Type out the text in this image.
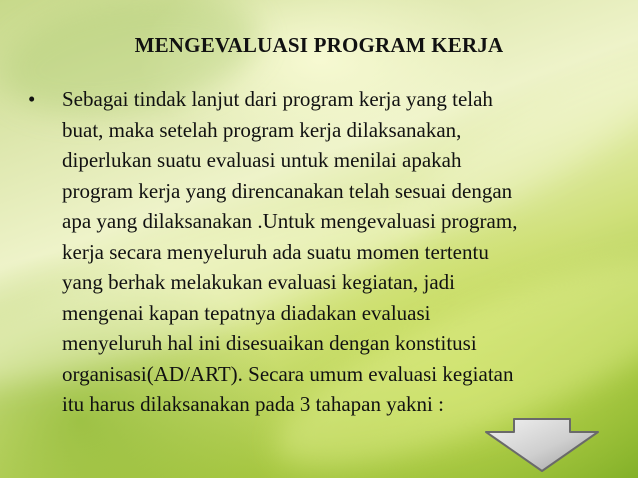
MENGEVALUASI PROGRAM KERJA
•	Sebagai tindak lanjut dari program kerja yang telah
buat, maka setelah program kerja dilaksanakan,
diperlukan suatu evaluasi untuk menilai apakah
program kerja yang direncanakan telah sesuai dengan
apa yang dilaksanakan .Untuk mengevaluasi program,
kerja secara menyeluruh ada suatu momen tertentu
yang berhak melakukan evaluasi kegiatan, jadi
mengenai kapan tepatnya diadakan evaluasi
menyeluruh hal ini disesuaikan dengan konstitusi
organisasi(AD/ART). Secara umum evaluasi kegiatan
itu harus dilaksanakan pada 3 tahapan yakni :
